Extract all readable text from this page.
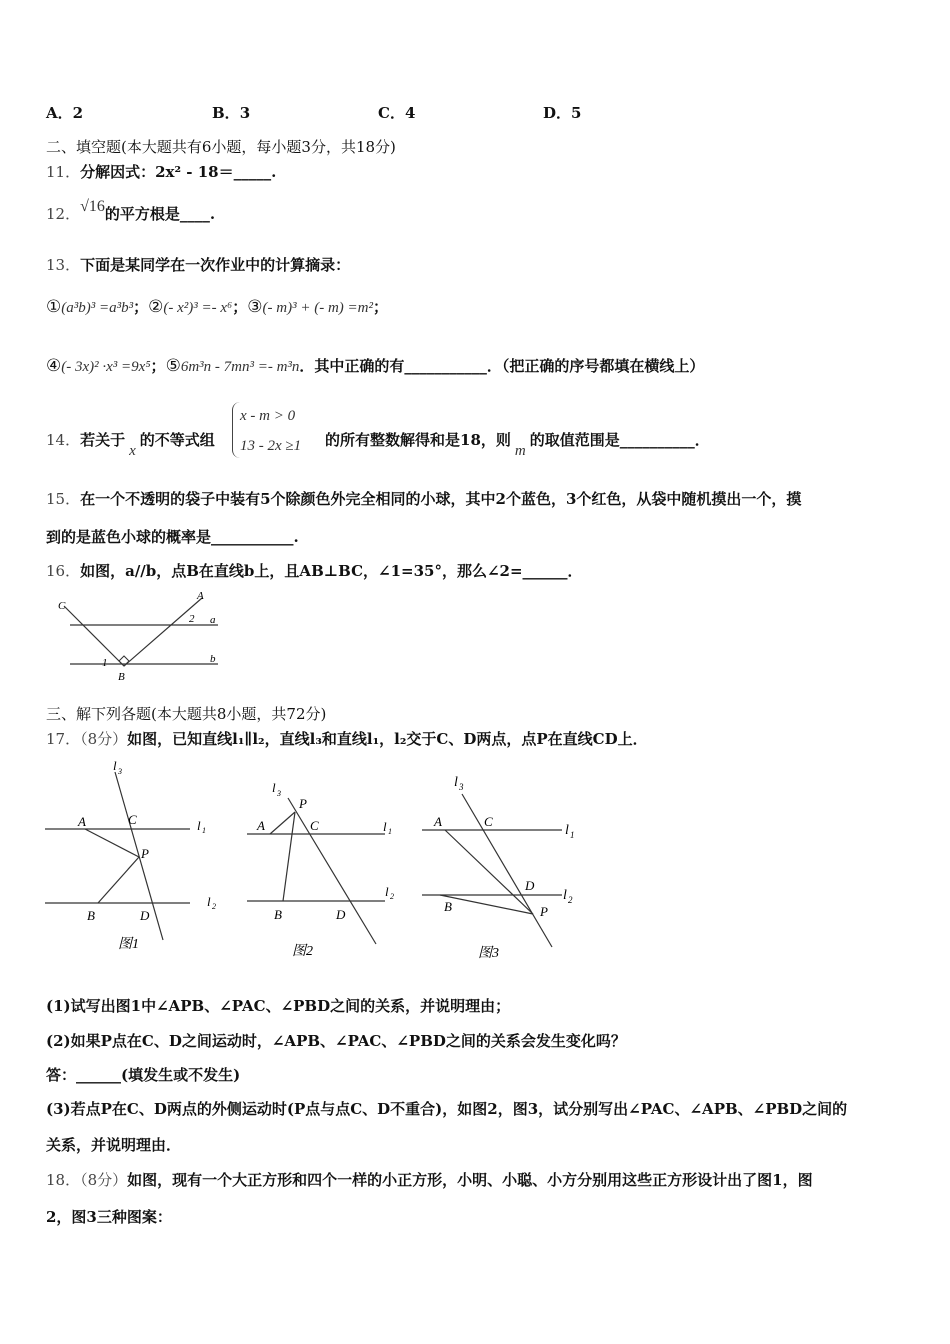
A．2	B．3	C．4	D．5
二、填空题(本大题共有6小题，每小题3分，共18分)
11．分解因式：2x² - 18＝_____.
12．√16的平方根是____.
13．下面是某同学在一次作业中的计算摘录：
①(a³b)³ =a³b³；②(- x²)³ =- x⁶；③(- m)³ + (- m) =m²；
④(- 3x)² ·x³ =9x⁵；⑤6m³n - 7mn³ =- m³n．其中正确的有___________．（把正确的序号都填在横线上）
14．若关于x的不等式组
x - m > 0
13 - 2x ≥1 的所有整数解得和是18，则m的取值范围是__________．
15．在一个不透明的袋子中装有5个除颜色外完全相同的小球，其中2个蓝色，3个红色，从袋中随机摸出一个，摸
到的是蓝色小球的概率是___________.
16．如图，a//b，点B在直线b上，且AB⊥BC，∠1=35°，那么∠2=______．
C
A
2 a
1	b
B
三、解下列各题(本大题共8小题，共72分)
17．（8分）如图，已知直线l₁∥l₂，直线l₃和直线l₁，l₂交于C、D两点，点P在直线CD上．
l 3
A	C	l 1
P
l 2
B	D
图1
l 3
P
A	C	l 1
l 2
B	D
图2
l 3
A	C
l 1
D
l 2
B	P
图3
(1)试写出图1中∠APB、∠PAC、∠PBD之间的关系，并说明理由；
(2)如果P点在C、D之间运动时，∠APB、∠PAC、∠PBD之间的关系会发生变化吗？
答：______(填发生或不发生)
(3)若点P在C、D两点的外侧运动时(P点与点C、D不重合)，如图2，图3，试分别写出∠PAC、∠APB、∠PBD之间的
关系，并说明理由．
18．（8分）如图，现有一个大正方形和四个一样的小正方形，小明、小聪、小方分别用这些正方形设计出了图1，图
2，图3三种图案：
